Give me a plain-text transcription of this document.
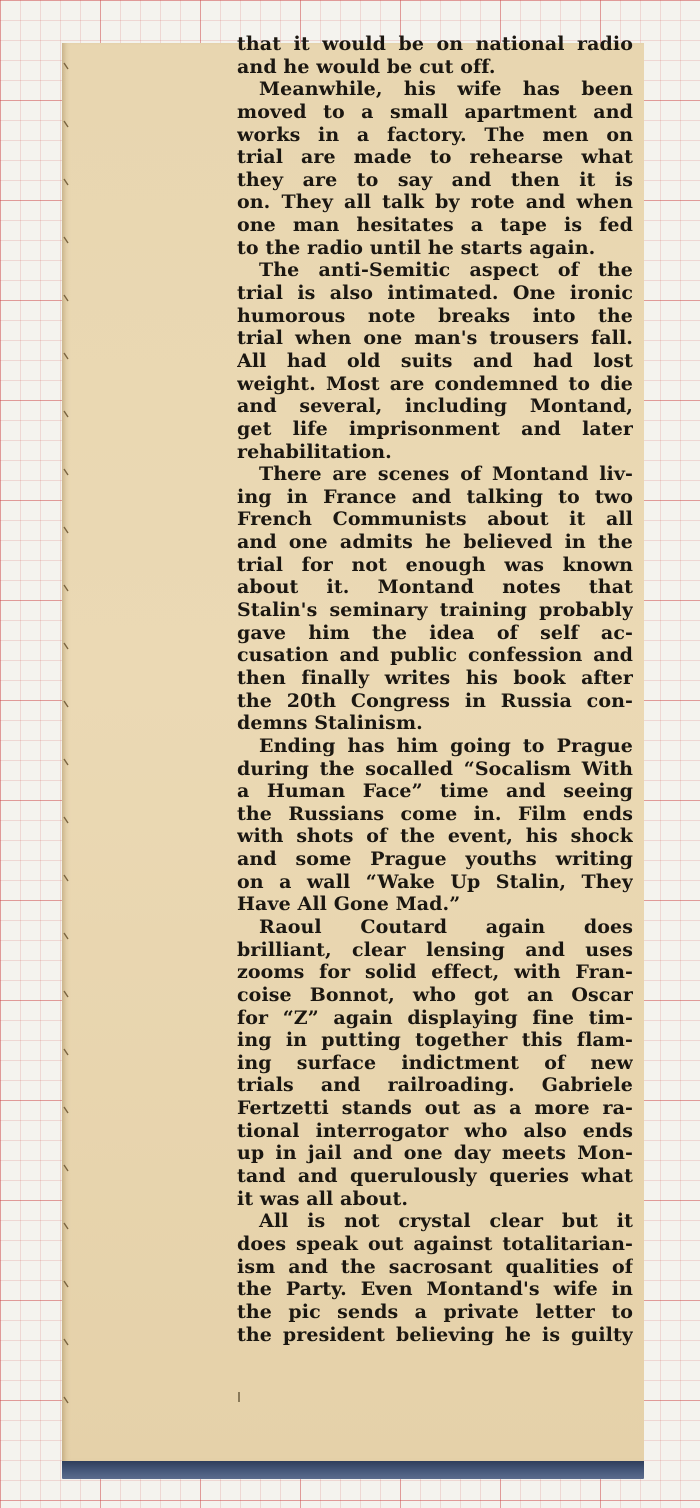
that it would be on national radio
and he would be cut off.
Meanwhile, his wife has been
moved to a small apartment and
works in a factory. The men on
trial are made to rehearse what
they are to say and then it is
on. They all talk by rote and when
one man hesitates a tape is fed
to the radio until he starts again.
The anti-Semitic aspect of the
trial is also intimated. One ironic
humorous note breaks into the
trial when one man's trousers fall.
All had old suits and had lost
weight. Most are condemned to die
and several, including Montand,
get life imprisonment and later
rehabilitation.
There are scenes of Montand liv-
ing in France and talking to two
French Communists about it all
and one admits he believed in the
trial for not enough was known
about it. Montand notes that
Stalin's seminary training probably
gave him the idea of self ac-
cusation and public confession and
then finally writes his book after
the 20th Congress in Russia con-
demns Stalinism.
Ending has him going to Prague
during the socalled “Socalism With
a Human Face” time and seeing
the Russians come in. Film ends
with shots of the event, his shock
and some Prague youths writing
on a wall “Wake Up Stalin, They
Have All Gone Mad.”
Raoul Coutard again does
brilliant, clear lensing and uses
zooms for solid effect, with Fran-
coise Bonnot, who got an Oscar
for “Z” again displaying fine tim-
ing in putting together this flam-
ing surface indictment of new
trials and railroading. Gabriele
Fertzetti stands out as a more ra-
tional interrogator who also ends
up in jail and one day meets Mon-
tand and querulously queries what
it was all about.
All is not crystal clear but it
does speak out against totalitarian-
ism and the sacrosant qualities of
the Party. Even Montand's wife in
the pic sends a private letter to
the president believing he is guilty
